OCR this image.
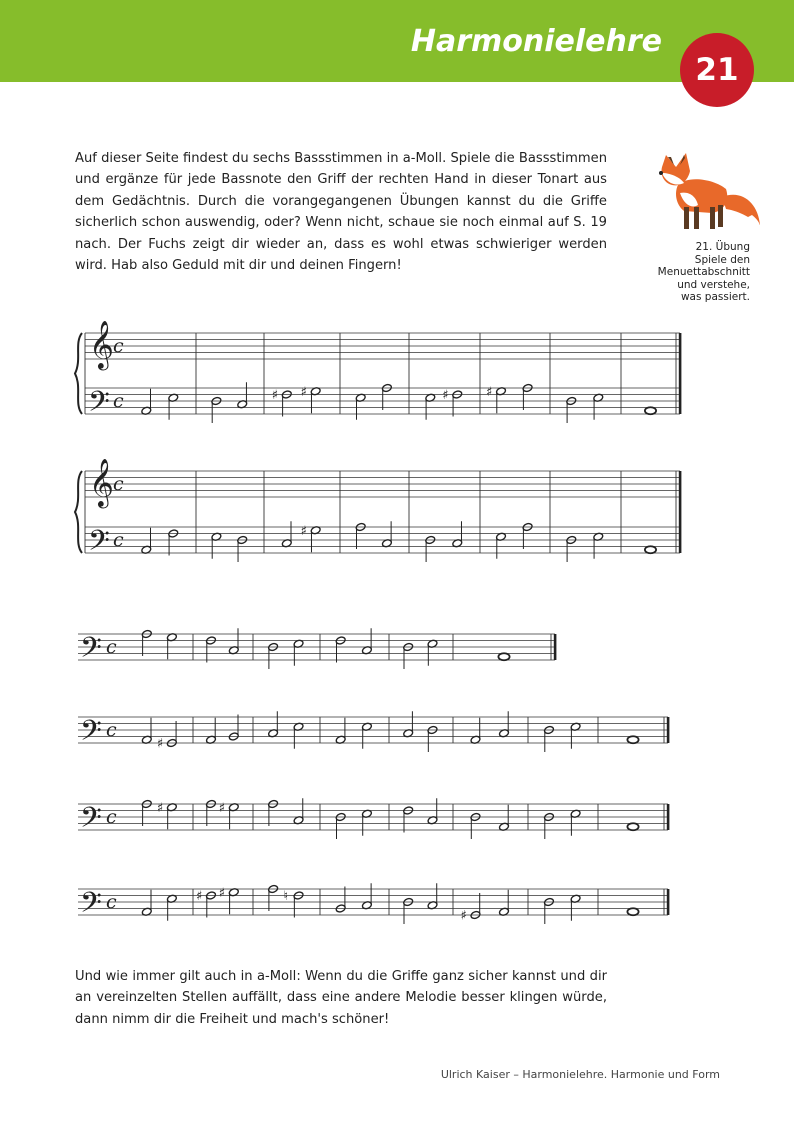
Harmonielehre
21

Auf dieser Seite findest du sechs Bassstimmen in a-Moll. Spiele die Bassstimmen und ergänze für jede Bassnote den Griff der rechten Hand in dieser Tonart aus dem Gedächtnis. Durch die vorangegangenen Übungen kannst du die Griffe sicherlich schon auswendig, oder? Wenn nicht, schaue sie noch einmal auf S. 19 nach. Der Fuchs zeigt dir wieder an, dass es wohl etwas schwieriger werden wird. Hab also Geduld mit dir und deinen Fingern!

21. Übung
Spiele den
Menuettabschnitt
und verstehe,
was passiert.
𝄞
𝄢
c
c	♯ ♯	♯	♯
𝄞
𝄢
c
c	♯
𝄢 c
𝄢 c
♯
𝄢 c	♯	♯
𝄢 c	♯ ♯	♮
♯

Und wie immer gilt auch in a-Moll: Wenn du die Griffe ganz sicher kannst und dir an vereinzelten Stellen auffällt, dass eine andere Melodie besser klingen würde, dann nimm dir die Freiheit und mach's schöner!

Ulrich Kaiser – Harmonielehre. Harmonie und Form
